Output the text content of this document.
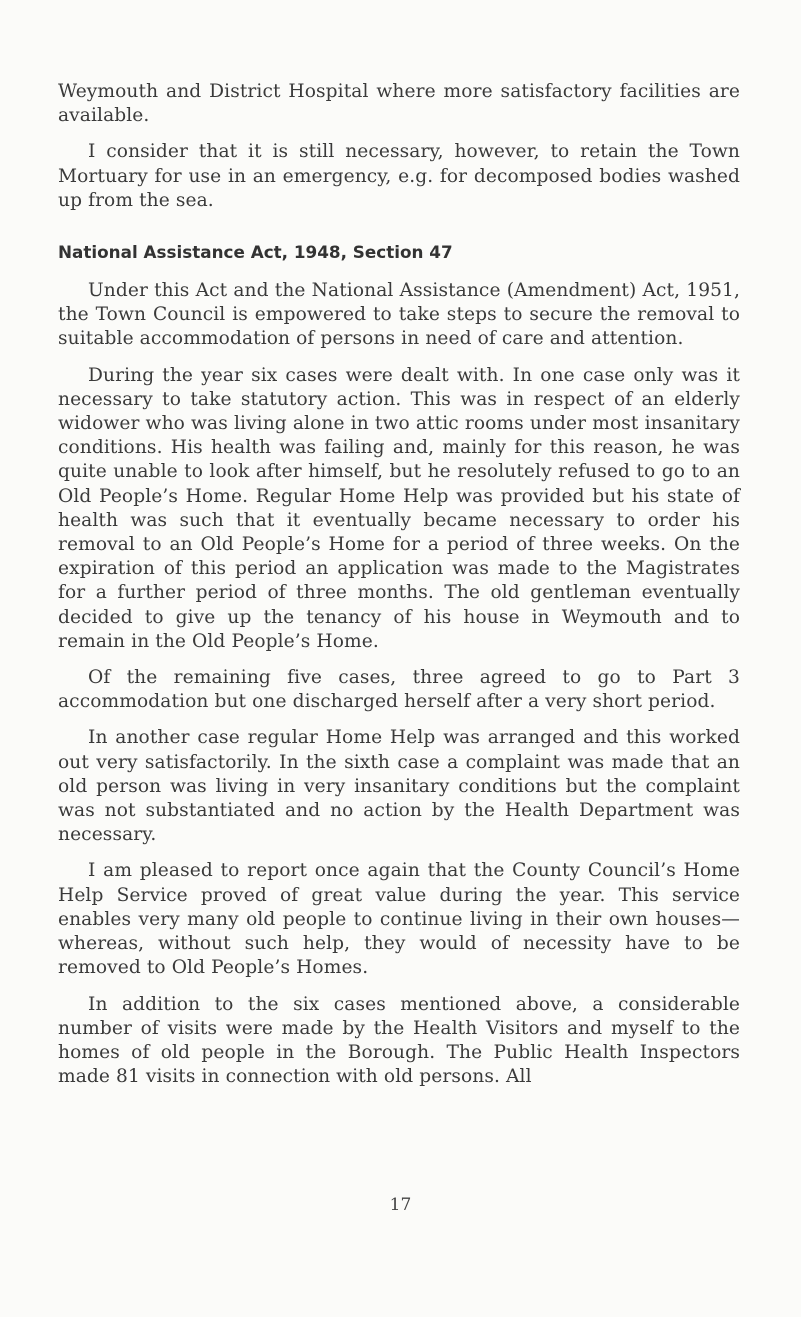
Weymouth and District Hospital where more satisfactory facilities are available.

I consider that it is still necessary, however, to retain the Town Mortuary for use in an emergency, e.g. for decomposed bodies washed up from the sea.

National Assistance Act, 1948, Section 47

Under this Act and the National Assistance (Amendment) Act, 1951, the Town Council is empowered to take steps to secure the removal to suitable accommodation of persons in need of care and attention.

During the year six cases were dealt with. In one case only was it necessary to take statutory action. This was in respect of an elderly widower who was living alone in two attic rooms under most insanitary conditions. His health was failing and, mainly for this reason, he was quite unable to look after himself, but he resolutely refused to go to an Old People’s Home. Regular Home Help was provided but his state of health was such that it eventually became necessary to order his removal to an Old People’s Home for a period of three weeks. On the expiration of this period an application was made to the Magistrates for a further period of three months. The old gentleman eventually decided to give up the tenancy of his house in Weymouth and to remain in the Old People’s Home.

Of the remaining five cases, three agreed to go to Part 3 accommodation but one discharged herself after a very short period.

In another case regular Home Help was arranged and this worked out very satisfactorily. In the sixth case a complaint was made that an old person was living in very insanitary conditions but the complaint was not substantiated and no action by the Health Department was necessary.

I am pleased to report once again that the County Council’s Home Help Service proved of great value during the year. This service enables very many old people to continue living in their own houses—whereas, without such help, they would of necessity have to be removed to Old People’s Homes.

In addition to the six cases mentioned above, a considerable number of visits were made by the Health Visitors and myself to the homes of old people in the Borough. The Public Health Inspectors made 81 visits in connection with old persons. All

17
